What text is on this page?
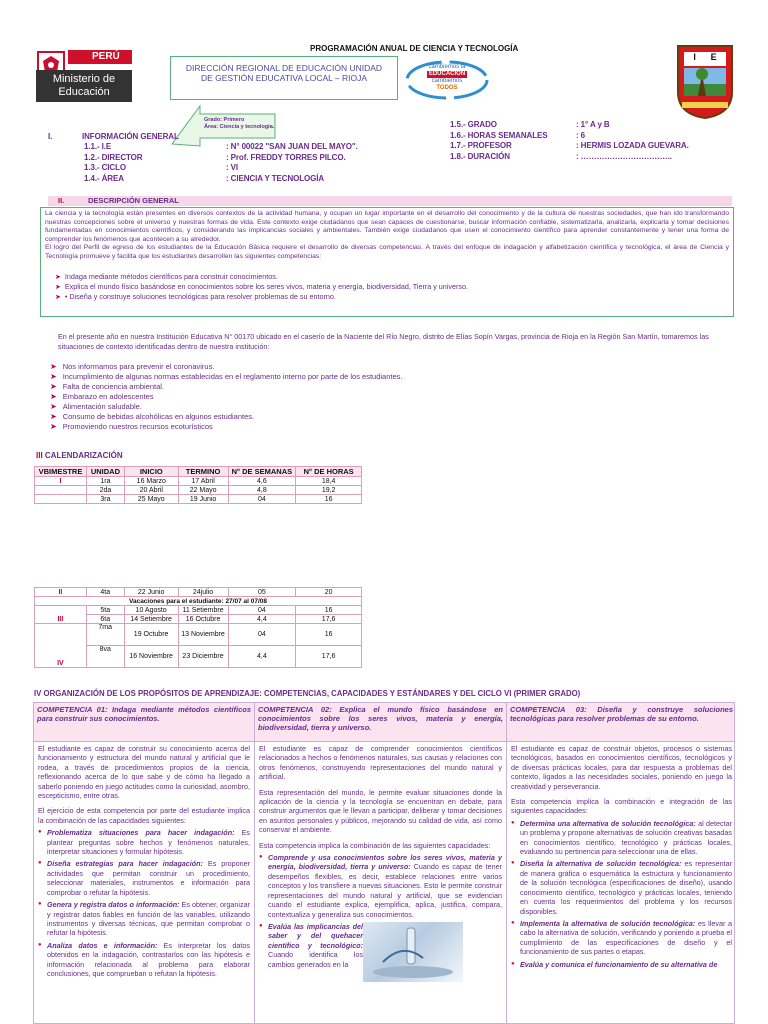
PERÚ
Ministerio de
Educación
PROGRAMACIÓN ANUAL DE CIENCIA Y TECNOLOGÍA
DIRECCIÓN REGIONAL DE EDUCACIÓN UNIDAD
DE GESTIÓN EDUCATIVA LOCAL – RIOJA
cambiemos la
EDUCACIÓN
cambiemos
TODOS
I E
Grado: Primero
Área: Ciencia y tecnología.
I.	INFORMACIÓN GENERAL
1.1.- I.E	: N° 00022 "SAN JUAN DEL MAYO".
1.2.- DIRECTOR	: Prof. FREDDY TORRES PILCO.
1.3.- CICLO	: VI
1.4.- ÁREA	: CIENCIA Y TECNOLOGÍA
1.5.- GRADO	: 1° A y B
1.6.- HORAS SEMANALES	: 6
1.7.- PROFESOR	: HERMIS LOZADA GUEVARA.
1.8.- DURACIÓN	: ……………………………..
II.	DESCRIPCIÓN GENERAL

La ciencia y la tecnología están presentes en diversos contextos de la actividad humana, y ocupan un lugar importante en el desarrollo del conocimiento y de la cultura de nuestras sociedades, que han ido transformando nuestras concepciones sobre el universo y nuestras formas de vida. Este contexto exige ciudadanos que sean capaces de cuestionarse, buscar información confiable, sistematizarla, analizarla, explicarla y tomar decisiones fundamentadas en conocimientos científicos, y considerando las implicancias sociales y ambientales. También exige ciudadanos que usen el conocimiento científico para aprender constantemente y tener una forma de comprender los fenómenos que acontecen a su alrededor.

El logro del Perfil de egreso de los estudiantes de la Educación Básica requiere el desarrollo de diversas competencias. A través del enfoque de indagación y alfabetización científica y tecnológica, el área de Ciencia y Tecnología promueve y facilita que los estudiantes desarrollen las siguientes competencias:

➤ Indaga mediante métodos científicos para construir conocimientos.
➤ Explica el mundo físico basándose en conocimientos sobre los seres vivos, materia y energía, biodiversidad, Tierra y universo.
➤ • Diseña y construye soluciones tecnológicas para resolver problemas de su entorno.
En el presente año en nuestra Institución Educativa N° 00170 ubicado en el caserío de la Naciente del Río Negro, distrito de Elías Sopín Vargas, provincia de Rioja en la Región San Martín, tomaremos las situaciones de contexto identificadas dentro de nuestra institución:
➤ Nos informamos para prevenir el coronavirus.
➤ Incumplimiento de algunas normas establecidas en el reglamento interno por parte de los estudiantes.
➤ Falta de conciencia ambiental.
➤ Embarazo en adolescentes
➤ Alimentación saludable.
➤ Consumo de bebidas alcohólicas en algunos estudiantes.
➤ Promoviendo nuestros recursos ecoturísticos
III CALENDARIZACIÓN
VBIMESTRE	UNIDAD	INICIO	TERMINO	N° DE SEMANAS	N° DE HORAS
I	1ra	16 Marzo	17 Abril	4,6	18,4
	2da	20 Abril	22 Mayo	4,8	19,2
	3ra	25 Mayo	19 Junio	04	16
II	4ta	22 Junio	24julio	05	20
Vacaciones para el estudiante: 27/07 al 07/08					
III	5ta	10 Agosto	11 Setiembre	04	16
	6ta	14 Setiembre	16 Octubre	4,4	17,6
IV	7ma	19 Octubre	13 Noviembre	04	16
	8va	16 Noviembre	23 Diciembre	4,4	17,6
IV ORGANIZACIÓN DE LOS PROPÓSITOS DE APRENDIZAJE: COMPETENCIAS, CAPACIDADES Y ESTÁNDARES Y DEL CICLO VI (PRIMER GRADO)
COMPETENCIA 01: Indaga mediante métodos científicos para construir sus conocimientos.

El estudiante es capaz de construir su conocimiento acerca del funcionamiento y estructura del mundo natural y artificial que le rodea, a través de procedimientos propios de la ciencia, reflexionando acerca de lo que sabe y de cómo ha llegado a saberlo poniendo en juego actitudes como la curiosidad, asombro, escepticismo, entre otras.

El ejercicio de esta competencia por parte del estudiante implica la combinación de las capacidades siguientes:

● Problematiza situaciones para hacer indagación: Es plantear preguntas sobre hechos y fenómenos naturales, interpretar situaciones y formular hipótesis.
● Diseña estrategias para hacer indagación: Es proponer actividades que permitan construir un procedimiento, seleccionar materiales, instrumentos e información para comprobar o refutar la hipótesis.
● Genera y registra datos o información: Es obtener, organizar y registrar datos fiables en función de las variables, utilizando instrumentos y diversas técnicas, que permitan comprobar o refutar la hipótesis.
● Analiza datos e información: Es interpretar los datos obtenidos en la indagación, contrastarlos con las hipótesis e información relacionada al problema para elaborar conclusiones, que comprueban o refutan la hipótesis.
COMPETENCIA 02: Explica el mundo físico basándose en conocimientos sobre los seres vivos, materia y energía, biodiversidad, tierra y universo.

El estudiante es capaz de comprender conocimientos científicos relacionados a hechos o fenómenos naturales, sus causas y relaciones con otros fenómenos, construyendo representaciones del mundo natural y artificial.

Esta representación del mundo, le permite evaluar situaciones donde la aplicación de la ciencia y la tecnología se encuentran en debate, para construir argumentos que le llevan a participar, deliberar y tomar decisiones en asuntos personales y públicos, mejorando su calidad de vida, así como conservar el ambiente.

Esta competencia implica la combinación de las siguientes capacidades:

● Comprende y usa conocimientos sobre los seres vivos, materia y energía, biodiversidad, tierra y universo: Cuando es capaz de tener desempeños flexibles, es decir, establece relaciones entre varios conceptos y los transfiere a nuevas situaciones. Esto le permite construir representaciones del mundo natural y artificial, que se evidencian cuando el estudiante explica, ejemplifica, aplica, justifica, compara, contextualiza y generaliza sus conocimientos.
● Evalúa las implicancias del saber y del quehacer científico y tecnológico: Cuando identifica los cambios generados en la
COMPETENCIA 03: Diseña y construye soluciones tecnológicas para resolver problemas de su entorno.

El estudiante es capaz de construir objetos, procesos o sistemas tecnológicos, basados en conocimientos científicos, tecnológicos y de diversas prácticas locales, para dar respuesta a problemas del contexto, ligados a las necesidades sociales, poniendo en juego la creatividad y perseverancia.

Esta competencia implica la combinación e integración de las siguientes capacidades:

● Determina una alternativa de solución tecnológica: al detectar un problema y propone alternativas de solución creativas basadas en conocimientos científico, tecnológico y prácticas locales, evaluando su pertinencia para seleccionar una de ellas.
● Diseña la alternativa de solución tecnológica: es representar de manera gráfica o esquemática la estructura y funcionamiento de la solución tecnológica (especificaciones de diseño), usando conocimiento científico, tecnológico y prácticas locales, teniendo en cuenta los requerimientos del problema y los recursos disponibles.
● Implementa la alternativa de solución tecnológica: es llevar a cabo la alternativa de solución, verificando y poniendo a prueba el cumplimiento de las especificaciones de diseño y el funcionamiento de sus partes o etapas.
● Evalúa y comunica el funcionamiento de su alternativa de
